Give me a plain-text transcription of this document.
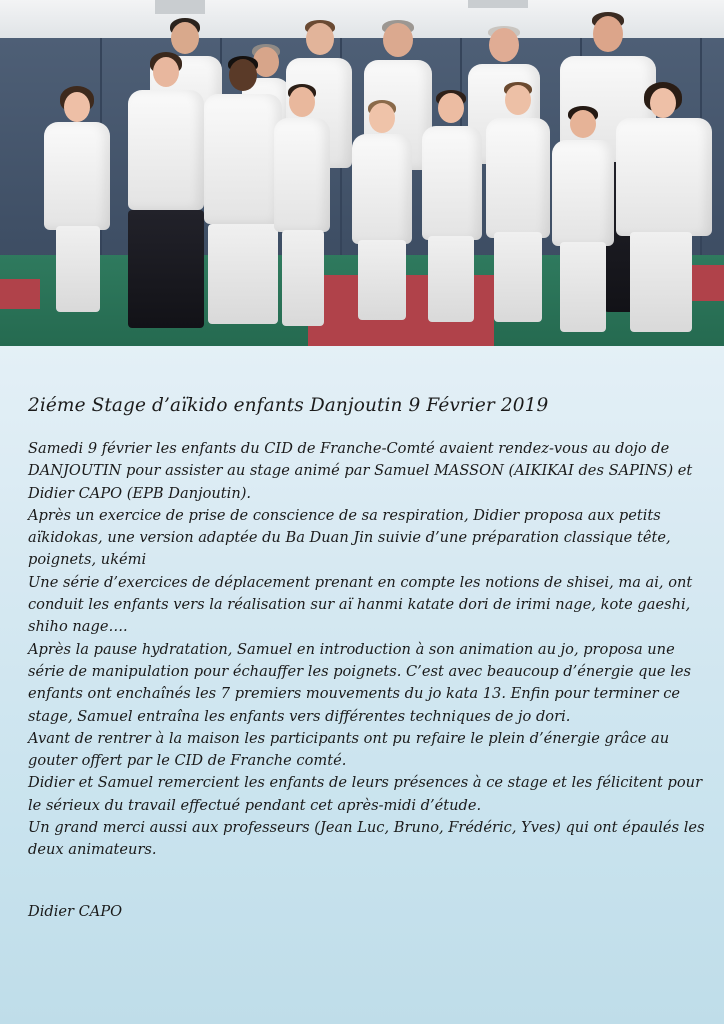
2iéme Stage d’aïkido enfants Danjoutin 9 Février 2019

Samedi 9 février les enfants du CID de Franche-Comté avaient rendez-vous au dojo de DANJOUTIN pour assister au stage animé par Samuel MASSON (AIKIKAI des SAPINS) et Didier CAPO (EPB Danjoutin).

Après un exercice de prise de conscience de sa respiration, Didier proposa aux petits aïkidokas, une version adaptée du Ba Duan Jin suivie d’une préparation classique tête, poignets, ukémi

Une série d’exercices de déplacement prenant en compte les notions de shisei, ma ai, ont conduit les enfants vers la réalisation sur aï hanmi katate dori de irimi nage, kote gaeshi, shiho nage….

Après la pause hydratation, Samuel en introduction à son animation au jo, proposa une série de manipulation pour échauffer les poignets. C’est avec beaucoup d’énergie que les enfants ont enchaînés les 7 premiers mouvements du jo kata 13. Enfin pour terminer ce stage, Samuel entraîna les enfants vers différentes techniques de jo dori.

Avant de rentrer à la maison les participants ont pu refaire le plein d’énergie grâce au gouter offert par le CID de Franche comté.

Didier et Samuel remercient les enfants de leurs présences à ce stage et les félicitent pour le sérieux du travail effectué pendant cet après-midi d’étude.

Un grand merci aussi aux professeurs (Jean Luc, Bruno, Frédéric, Yves) qui ont épaulés les deux animateurs.

Didier CAPO
